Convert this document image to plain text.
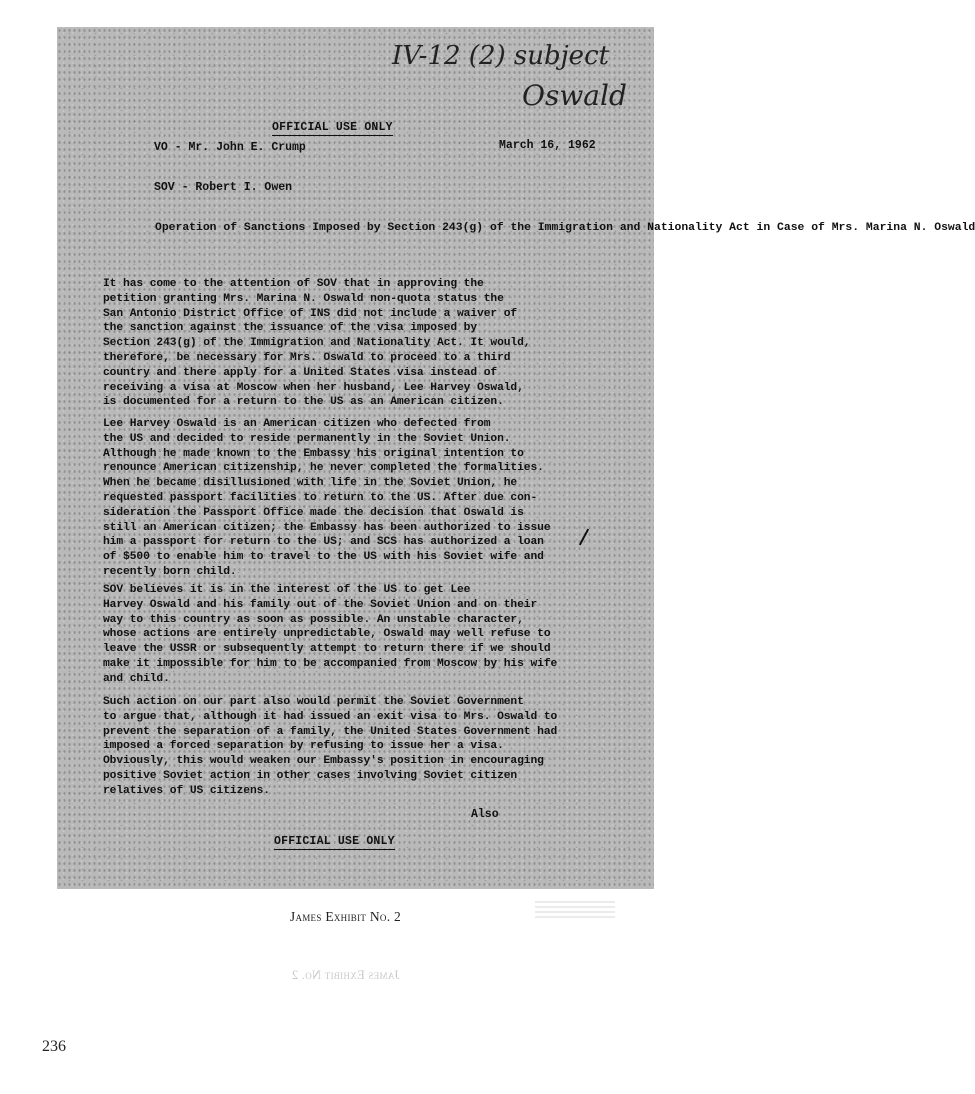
IV-12 (2) subject
Oswald
OFFICIAL USE ONLY
VO - Mr. John E. Crump	March 16, 1962
SOV - Robert I. Owen
Operation of Sanctions Imposed by Section 243(g) of the Immigration and Nationality Act in Case of Mrs. Marina N. Oswald
It has come to the attention of SOV that in approving the
petition granting Mrs. Marina N. Oswald non-quota status the
San Antonio District Office of INS did not include a waiver of
the sanction against the issuance of the visa imposed by
Section 243(g) of the Immigration and Nationality Act. It would,
therefore, be necessary for Mrs. Oswald to proceed to a third
country and there apply for a United States visa instead of
receiving a visa at Moscow when her husband, Lee Harvey Oswald,
is documented for a return to the US as an American citizen.
Lee Harvey Oswald is an American citizen who defected from
the US and decided to reside permanently in the Soviet Union.
Although he made known to the Embassy his original intention to
renounce American citizenship, he never completed the formalities.
When he became disillusioned with life in the Soviet Union, he
requested passport facilities to return to the US. After due con-
sideration the Passport Office made the decision that Oswald is
still an American citizen; the Embassy has been authorized to issue
him a passport for return to the US; and SCS has authorized a loan
of $500 to enable him to travel to the US with his Soviet wife and
recently born child.
SOV believes it is in the interest of the US to get Lee
Harvey Oswald and his family out of the Soviet Union and on their
way to this country as soon as possible. An unstable character,
whose actions are entirely unpredictable, Oswald may well refuse to
leave the USSR or subsequently attempt to return there if we should
make it impossible for him to be accompanied from Moscow by his wife
and child.
Such action on our part also would permit the Soviet Government
to argue that, although it had issued an exit visa to Mrs. Oswald to
prevent the separation of a family, the United States Government had
imposed a forced separation by refusing to issue her a visa.
Obviously, this would weaken our Embassy's position in encouraging
positive Soviet action in other cases involving Soviet citizen
relatives of US citizens.
Also
OFFICIAL USE ONLY
James Exhibit No. 2
James Exhibit No. 2
236
